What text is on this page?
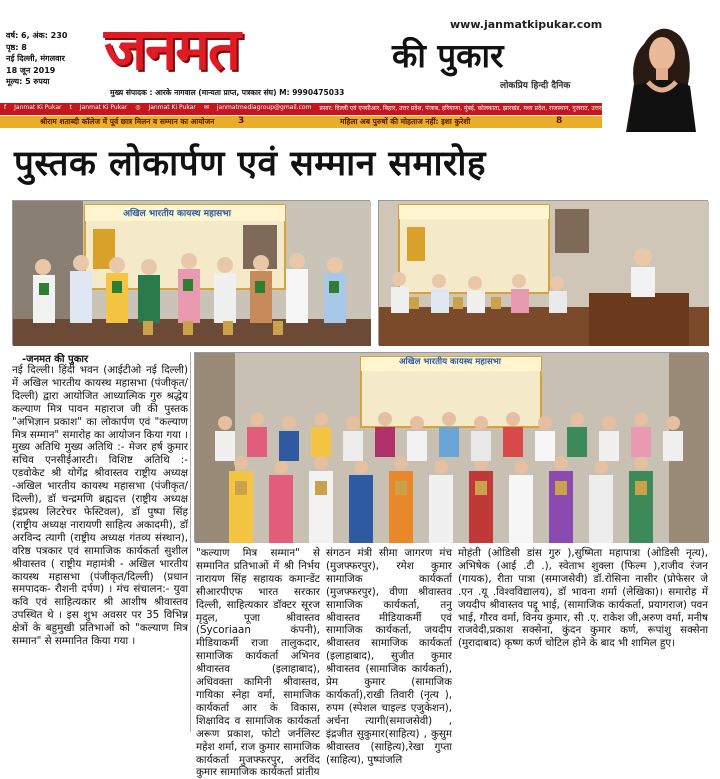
वर्ष: 6, अंक: 230
पृष्ठ: 8
नई दिल्ली, मंगलवार
18 जून 2019
मूल्य: 5 रुपया जनमत	की पुकार
लोकप्रिय हिन्दी दैनिक
www.janmatkipukar.com
मुख्य संपादक : आरके नागवाल (मान्यता प्राप्त, पत्रकार संघ) M: 9990475033
f Janmat Ki Pukar t Janmat Ki Pukar ◎ Janmat Ki Pukar ✉ janmatmediagroup@gmail.com प्रसार: दिल्ली एवं एनसीआर, बिहार, उत्तर प्रदेश, पंजाब, हरियाणा, मुंबई, कोलकाता, झारखंड, मध्य प्रदेश, राजस्थान, गुजरात, उत्तराखंड
श्रीराम शताब्दी कॉलेज में पूर्व छात्र मिलन व सम्मान का आयोजन	3	महिला अब पुरुषों की मोहताज नहीं: इशा कुरेशी	8
पुस्तक लोकार्पण एवं सम्मान समारोह
अखिल भारतीय कायस्थ महासभा
अखिल भारतीय कायस्थ महासभा
-जनमत की पुकार
नई दिल्ली। हिंदी भवन (आईटीओ नई दिल्ली) में अखिल भारतीय कायस्थ महासभा (पंजीकृत/दिल्ली) द्वारा आयोजित आध्यात्मिक गुरु श्रद्धेय कल्याण मित्र पावन महाराज जी की पुस्तक "अभिज्ञान प्रकाश" का लोकार्पण एवं "कल्याण मित्र सम्मान" समारोह का आयोजन किया गया । मुख्य अतिथि मुख्य अतिथि :- मेजर हर्ष कुमार सचिव एनसीईआरटी। विशिष्ट अतिथि :- एडवोकेट श्री योगेंद्र श्रीवास्तव राष्ट्रीय अध्यक्ष -अखिल भारतीय कायस्थ महासभा (पंजीकृत/दिल्ली), डॉ चन्द्रमणि ब्रह्मदत्त (राष्ट्रीय अध्यक्ष इंद्रप्रस्थ लिटरेचर फेस्टिवल), डॉ पुष्पा सिंह (राष्ट्रीय अध्यक्ष नारायणी साहित्य अकादमी), डॉ अरविन्द त्यागी (राष्ट्रीय अध्यक्ष गंतव्य संस्थान), वरिष्ठ पत्रकार एवं सामाजिक कार्यकर्ता सुशील श्रीवास्तव ( राष्ट्रीय महामंत्री - अखिल भारतीय कायस्थ महासभा (पंजीकृत/दिल्ली) (प्रधान समपादक- रौशनी दर्पण) । मंच संचालन:- युवा कवि एवं साहित्यकार श्री आशीष श्रीवास्तव उपस्थित थे । इस शुभ अवसर पर 35 विभिन्न क्षेत्रों के बहुमुखी प्रतिभाओं को "कल्याण मित्र सम्मान" से सम्मानित किया गया ।
"कल्याण मित्र सम्मान" से सम्मानित प्रतिभाओं में श्री निर्भय नारायण सिंह सहायक कमान्डेंट सीआरपीएफ भारत सरकार दिल्ली, साहित्यकार डॉक्टर सूरज मृदुल, पूजा श्रीवास्तव (Sycoriaan कंपनी), मीडियाकर्मी राजा तालुकदार, सामाजिक कार्यकर्ता अभिनव श्रीवास्तव (इलाहाबाद), अधिवक्ता कामिनी श्रीवास्तव, गायिका स्नेहा वर्मा, सामाजिक कार्यकर्ता आर के विकास, शिक्षाविद व सामाजिक कार्यकर्ता अरूण प्रकाश, फोटो जर्नलिस्ट महेश शर्मा, राज कुमार सामाजिक कार्यकर्ता मुजफ्फरपुर, अरविंद कुमार सामाजिक कार्यकर्ता प्रांतीय
संगठन मंत्री सीमा जागरण मंच (मुजफ्फरपुर), रमेश कुमार सामाजिक कार्यकर्ता (मुजफ्फरपुर), वीणा श्रीवास्तव सामाजिक कार्यकर्ता, तनु श्रीवास्तव मीडियाकर्मी एवं सामाजिक कार्यकर्ता, जयदीप श्रीवास्तव सामाजिक कार्यकर्ता (इलाहाबाद), सुजीत कुमार श्रीवास्तव (सामाजिक कार्यकर्ता), प्रेम कुमार (सामाजिक कार्यकर्ता),राखी तिवारी (नृत्य ), रुपम (स्पेशल चाइल्ड एजुकेशन), अर्चना त्यागी(समाजसेवी) , इंद्रजीत सुकुमार(साहित्य) , कुसुम श्रीवास्तव (साहित्य),रेखा गुप्ता (साहित्य), पुष्पांजलि
मोहंती (ओडिसी डांस गुरु ),सुष्मिता महापात्रा (ओडिसी नृत्य), अभिषेक (आई .टी .), स्वेताभ शुक्ला (फिल्म ),राजीव रंजन (गायक), रीता पात्रा (समाजसेवी) डॉ.रोसिना नासीर (प्रोफेसर जे .एन .यू .विश्वविद्यालय), डॉ भावना शर्मा (लेखिका)। समारोह में जयदीप श्रीवास्तव पद्दू भाई, (सामाजिक कार्यकर्ता, प्रयागराज) पवन भाई, गौरव वर्मा, विनय कुमार, सी .ए. राकेश जी,अरुण वर्मा, मनीष राजवेदी,प्रकाश सक्सेना, कुंदन कुमार कर्ण, रूपांशु सक्सेना (मुरादाबाद) कृष्ण कर्ण चोटिल होने के बाद भी शामिल हुए।
